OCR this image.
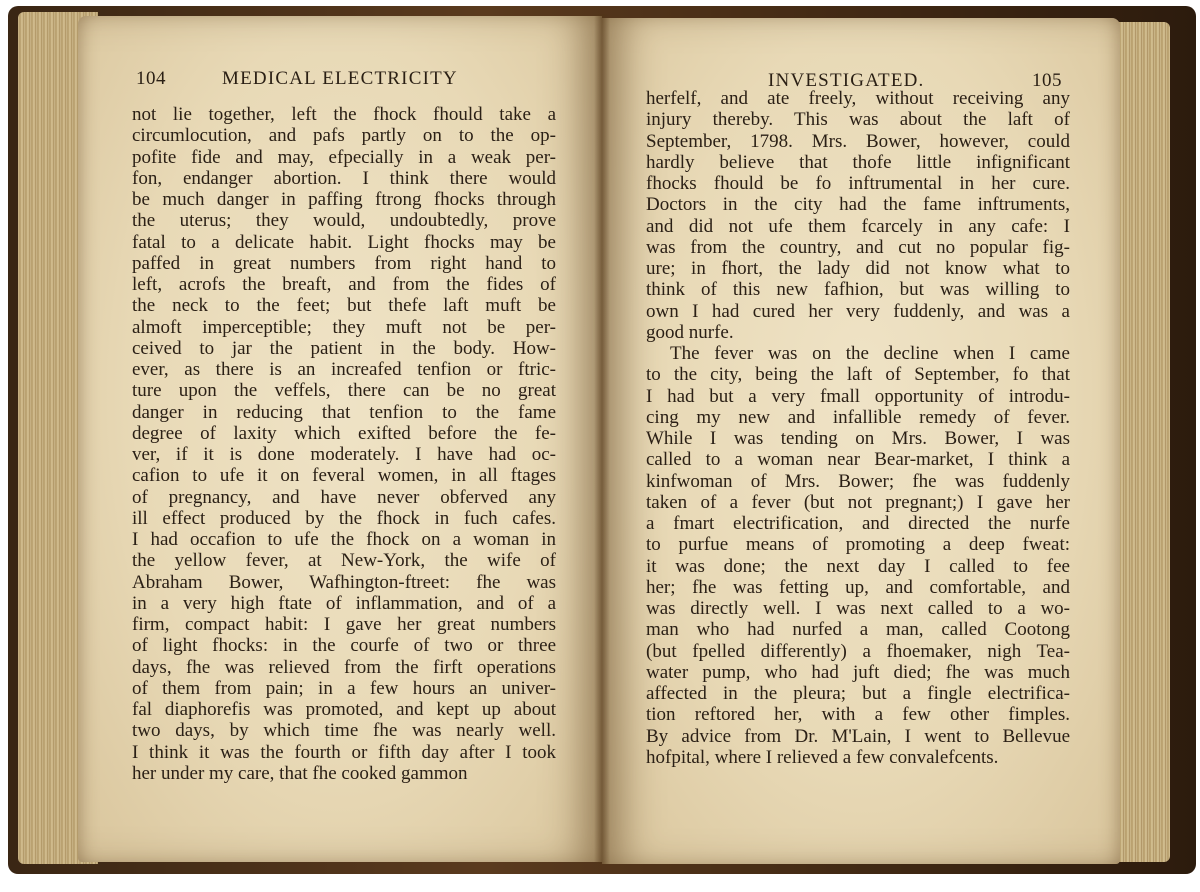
104	MEDICAL ELECTRICITY
not lie together, left the fhock fhould take a
circumlocution, and pafs partly on to the op-
pofite fide and may, efpecially in a weak per-
fon, endanger abortion. I think there would
be much danger in paffing ftrong fhocks through
the uterus; they would, undoubtedly, prove
fatal to a delicate habit. Light fhocks may be
paffed in great numbers from right hand to
left, acrofs the breaft, and from the fides of
the neck to the feet; but thefe laft muft be
almoft imperceptible; they muft not be per-
ceived to jar the patient in the body. How-
ever, as there is an increafed tenfion or ftric-
ture upon the veffels, there can be no great
danger in reducing that tenfion to the fame
degree of laxity which exifted before the fe-
ver, if it is done moderately. I have had oc-
cafion to ufe it on feveral women, in all ftages
of pregnancy, and have never obferved any
ill effect produced by the fhock in fuch cafes.
I had occafion to ufe the fhock on a woman in
the yellow fever, at New-York, the wife of
Abraham Bower, Wafhington-ftreet: fhe was
in a very high ftate of inflammation, and of a
firm, compact habit: I gave her great numbers
of light fhocks: in the courfe of two or three
days, fhe was relieved from the firft operations
of them from pain; in a few hours an univer-
fal diaphorefis was promoted, and kept up about
two days, by which time fhe was nearly well.
I think it was the fourth or fifth day after I took
her under my care, that fhe cooked gammon
INVESTIGATED.	105
herfelf, and ate freely, without receiving any
injury thereby. This was about the laft of
September, 1798. Mrs. Bower, however, could
hardly believe that thofe little infignificant
fhocks fhould be fo inftrumental in her cure.
Doctors in the city had the fame inftruments,
and did not ufe them fcarcely in any cafe: I
was from the country, and cut no popular fig-
ure; in fhort, the lady did not know what to
think of this new fafhion, but was willing to
own I had cured her very fuddenly, and was a
good nurfe.
The fever was on the decline when I came
to the city, being the laft of September, fo that
I had but a very fmall opportunity of introdu-
cing my new and infallible remedy of fever.
While I was tending on Mrs. Bower, I was
called to a woman near Bear-market, I think a
kinfwoman of Mrs. Bower; fhe was fuddenly
taken of a fever (but not pregnant;) I gave her
a fmart electrification, and directed the nurfe
to purfue means of promoting a deep fweat:
it was done; the next day I called to fee
her; fhe was fetting up, and comfortable, and
was directly well. I was next called to a wo-
man who had nurfed a man, called Cootong
(but fpelled differently) a fhoemaker, nigh Tea-
water pump, who had juft died; fhe was much
affected in the pleura; but a fingle electrifica-
tion reftored her, with a few other fimples.
By advice from Dr. M'Lain, I went to Bellevue
hofpital, where I relieved a few convalefcents.
